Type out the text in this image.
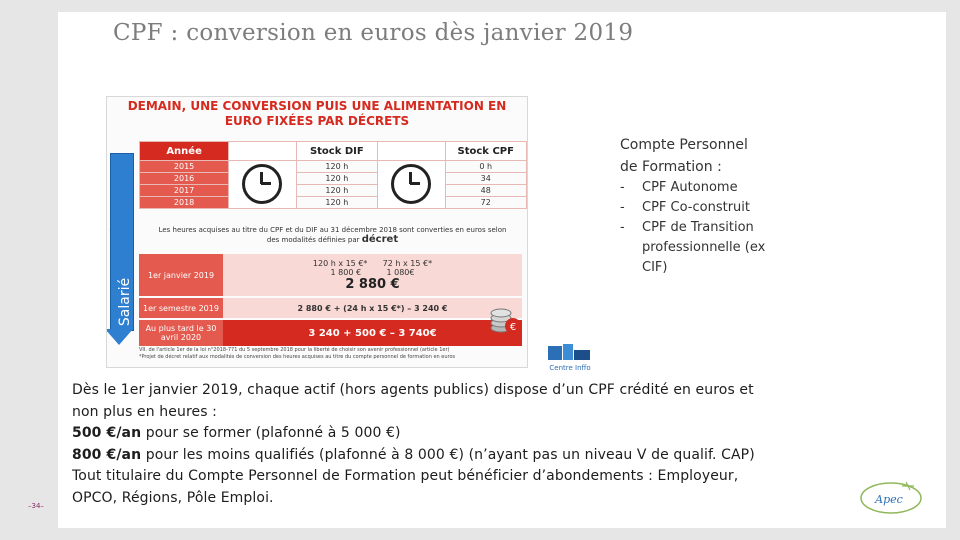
CPF : conversion en euros dès janvier 2019
DEMAIN, UNE CONVERSION PUIS UNE ALIMENTATION EN
EURO FIXÉES PAR DÉCRETS
Salarié
Année		Stock DIF		Stock CPF
2015		120 h		0 h
2016		120 h		34
2017		120 h		48
2018		120 h		72
Les heures acquises au titre du CPF et du DIF au 31 décembre 2018 sont converties en euros selon
des modalités définies par décret
1er janvier 2019
120 h x 15 €* 72 h x 15 €*
1 800 €	1 080€
2 880 €
1er semestre 2019	2 880 € + (24 h x 15 €*) – 3 240 €
Au plus tard le 30 avril 2020	3 240 + 500 € – 3 740€	€
VII. de l'article 1er de la loi n°2018-771 du 5 septembre 2018 pour la liberté de choisir son avenir professionnel (article 1er)
*Projet de décret relatif aux modalités de conversion des heures acquises au titre du compte personnel de formation en euros
Compte Personnel
de Formation :
-	CPF Autonome
-	CPF Co-construit
-	CPF de Transition professionnelle (ex CIF)
Centre Inffo

Dès le 1er janvier 2019, chaque actif (hors agents publics) dispose d’un CPF crédité en euros et non plus en heures :

500 €/an pour se former (plafonné à 5 000 €)

800 €/an pour les moins qualifiés (plafonné à 8 000 €) (n’ayant pas un niveau V de qualif. CAP)

Tout titulaire du Compte Personnel de Formation peut bénéficier d’abondements : Employeur, OPCO, Régions, Pôle Emploi.

–34–	Apec
